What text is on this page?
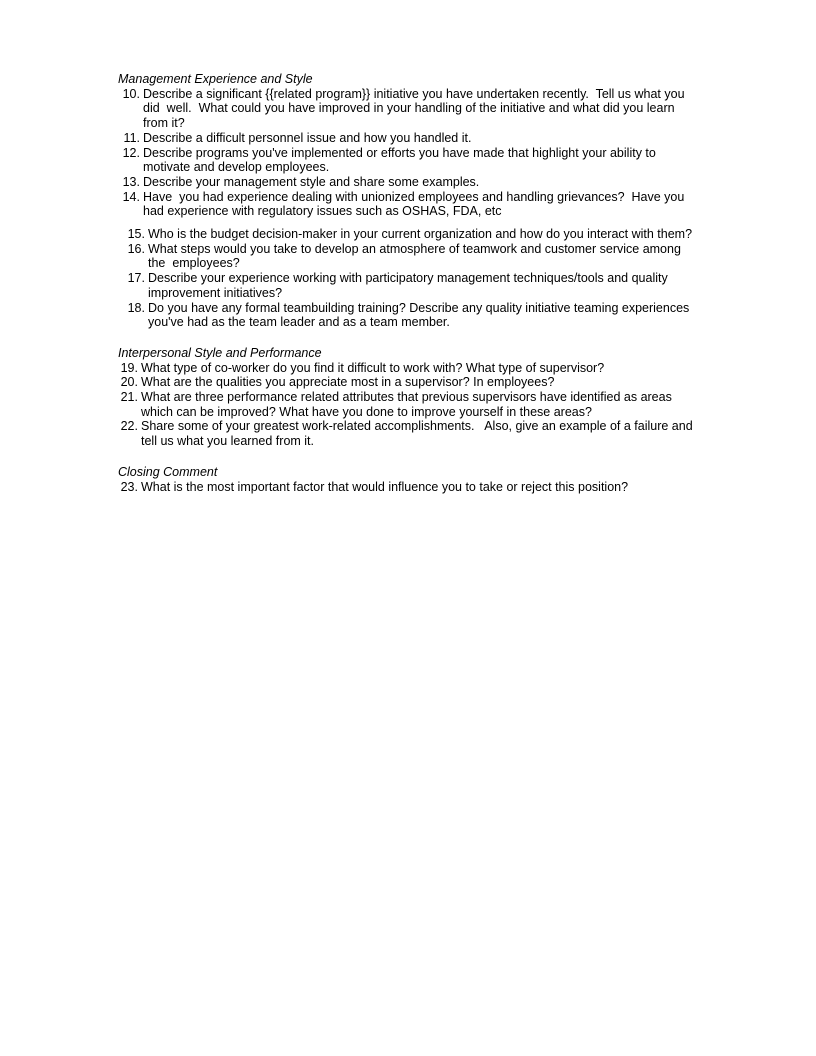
Management Experience and Style
10. Describe a significant {{related program}} initiative you have undertaken recently.  Tell us what you did  well.  What could you have improved in your handling of the initiative and what did you learn from it?
11. Describe a difficult personnel issue and how you handled it.
12. Describe programs you've implemented or efforts you have made that highlight your ability to  motivate and develop employees.
13. Describe your management style and share some examples.
14. Have  you had experience dealing with unionized employees and handling grievances?  Have you had experience with regulatory issues such as OSHAS, FDA, etc
15. Who is the budget decision-maker in your current organization and how do you interact with them?
16. What steps would you take to develop an atmosphere of teamwork and customer service among the  employees?
17. Describe your experience working with participatory management techniques/tools and quality  improvement initiatives?
18. Do you have any formal teambuilding training? Describe any quality initiative teaming experiences you've had as the team leader and as a team member.
Interpersonal Style and Performance
19. What type of co-worker do you find it difficult to work with? What type of supervisor?
20. What are the qualities you appreciate most in a supervisor? In employees?
21. What are three performance related attributes that previous supervisors have identified as areas which can be improved? What have you done to improve yourself in these areas?
22. Share some of your greatest work-related accomplishments.   Also, give an example of a failure and tell us what you learned from it.
Closing Comment
23. What is the most important factor that would influence you to take or reject this position?
